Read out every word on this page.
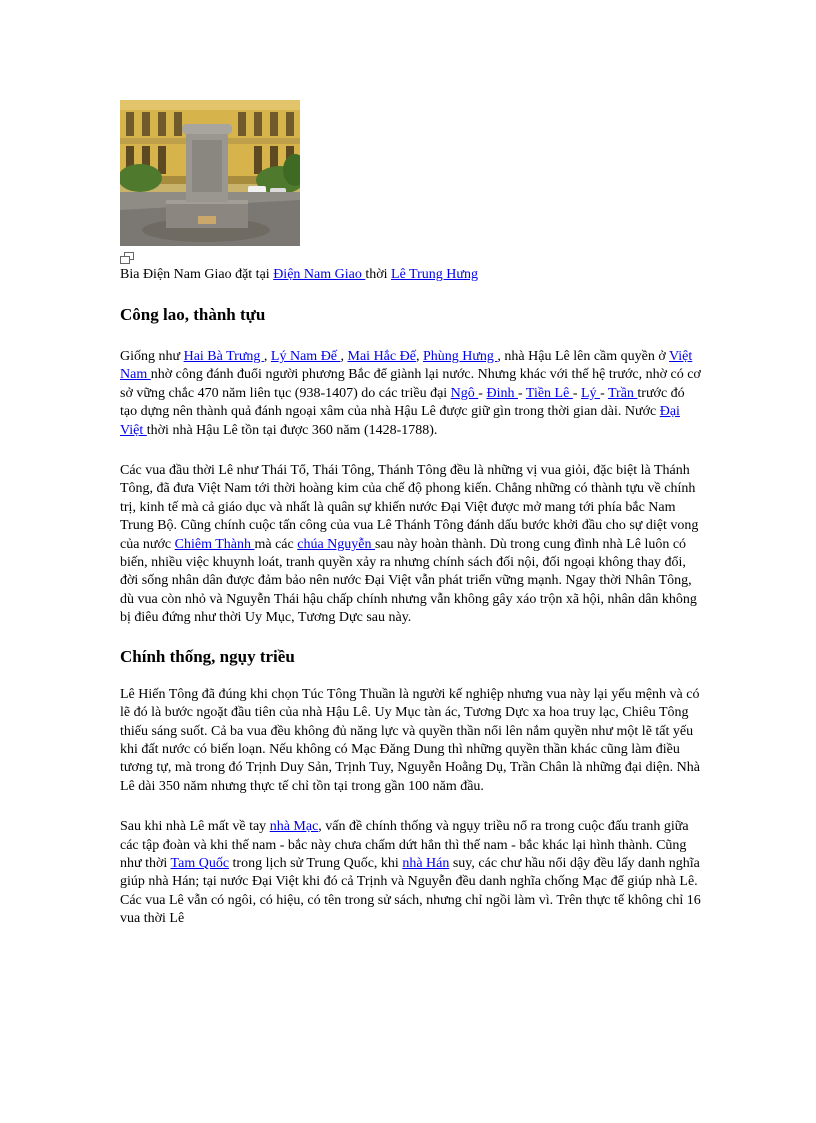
Bia Điện Nam Giao đặt tại Điện Nam Giao thời Lê Trung Hưng
Công lao, thành tựu

Giống như Hai Bà Trưng , Lý Nam Đế , Mai Hắc Đế, Phùng Hưng , nhà Hậu Lê lên cầm quyền ở Việt Nam nhờ công đánh đuổi người phương Bắc để giành lại nước. Nhưng khác với thế hệ trước, nhờ có cơ sở vững chắc 470 năm liên tục (938-1407) do các triều đại Ngô - Đinh - Tiền Lê - Lý - Trần trước đó tạo dựng nên thành quả đánh ngoại xâm của nhà Hậu Lê được giữ gìn trong thời gian dài. Nước Đại Việt thời nhà Hậu Lê tồn tại được 360 năm (1428-1788).

Các vua đầu thời Lê như Thái Tổ, Thái Tông, Thánh Tông đều là những vị vua giỏi, đặc biệt là Thánh Tông, đã đưa Việt Nam tới thời hoàng kim của chế độ phong kiến. Chẳng những có thành tựu về chính trị, kinh tế mà cả giáo dục và nhất là quân sự khiến nước Đại Việt được mở mang tới phía bắc Nam Trung Bộ. Cũng chính cuộc tấn công của vua Lê Thánh Tông đánh dấu bước khởi đầu cho sự diệt vong của nước Chiêm Thành mà các chúa Nguyễn sau này hoàn thành. Dù trong cung đình nhà Lê luôn có biến, nhiều việc khuynh loát, tranh quyền xảy ra nhưng chính sách đối nội, đối ngoại không thay đổi, đời sống nhân dân được đảm bảo nên nước Đại Việt vẫn phát triển vững mạnh. Ngay thời Nhân Tông, dù vua còn nhỏ và Nguyễn Thái hậu chấp chính nhưng vẫn không gây xáo trộn xã hội, nhân dân không bị điêu đứng như thời Uy Mục, Tương Dực sau này.

Chính thống, ngụy triều

Lê Hiến Tông đã đúng khi chọn Túc Tông Thuần là người kế nghiệp nhưng vua này lại yếu mệnh và có lẽ đó là bước ngoặt đầu tiên của nhà Hậu Lê. Uy Mục tàn ác, Tương Dực xa hoa truy lạc, Chiêu Tông thiếu sáng suốt. Cả ba vua đều không đủ năng lực và quyền thần nổi lên nắm quyền như một lẽ tất yếu khi đất nước có biến loạn. Nếu không có Mạc Đăng Dung thì những quyền thần khác cũng làm điều tương tự, mà trong đó Trịnh Duy Sản, Trịnh Tuy, Nguyễn Hoằng Dụ, Trần Chân là những đại diện. Nhà Lê dài 350 năm nhưng thực tế chỉ tồn tại trong gần 100 năm đầu.

Sau khi nhà Lê mất về tay nhà Mạc, vấn đề chính thống và ngụy triều nổ ra trong cuộc đấu tranh giữa các tập đoàn và khi thế nam - bắc này chưa chấm dứt hẳn thì thế nam - bắc khác lại hình thành. Cũng như thời Tam Quốc trong lịch sử Trung Quốc, khi nhà Hán suy, các chư hầu nổi dậy đều lấy danh nghĩa giúp nhà Hán; tại nước Đại Việt khi đó cả Trịnh và Nguyễn đều danh nghĩa chống Mạc để giúp nhà Lê. Các vua Lê vẫn có ngôi, có hiệu, có tên trong sử sách, nhưng chỉ ngồi làm vì. Trên thực tế không chỉ 16 vua thời Lê
